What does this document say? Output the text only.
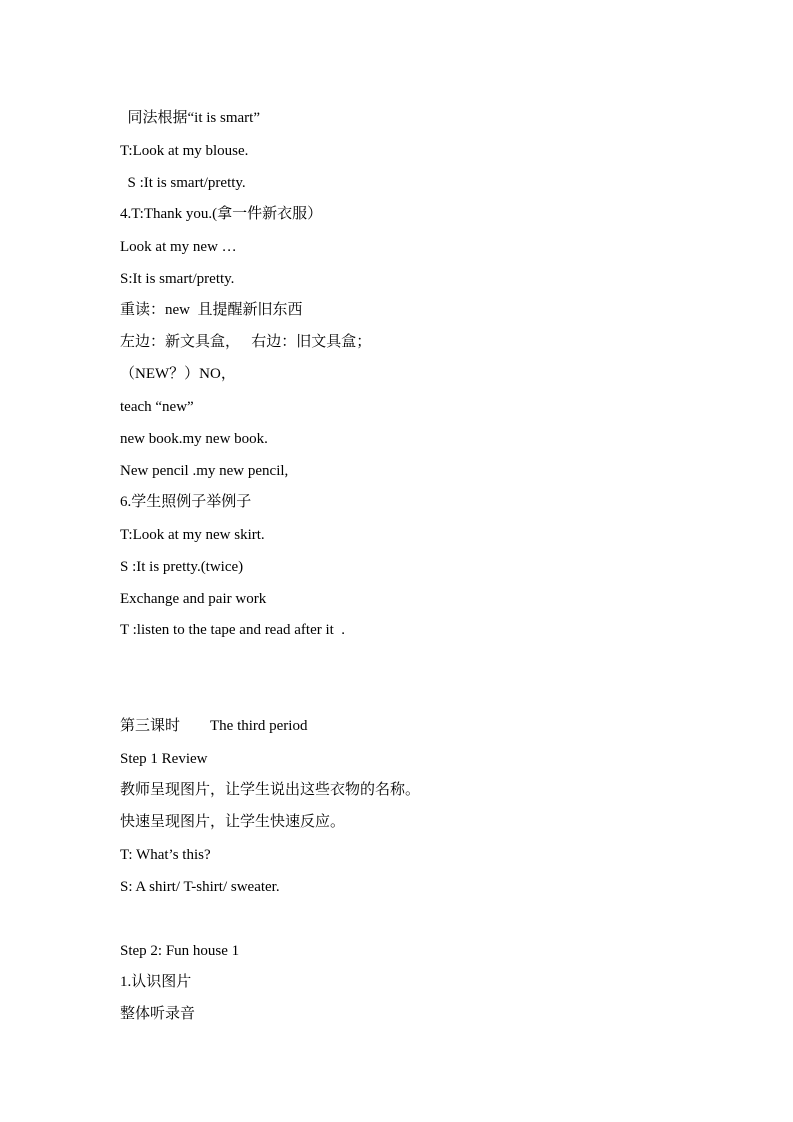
同法根据“it is smart”
T:Look at my blouse.
S :It is smart/pretty.
4.T:Thank you.(拿一件新衣服）
Look at my new …
S:It is smart/pretty.
重读：new  且提醒新旧东西
左边：新文具盒，   右边：旧文具盒；
（NEW？）NO，
teach “new”
new book.my new book.
New pencil .my new pencil,
6.学生照例子举例子
T:Look at my new skirt.
S :It is pretty.(twice)
Exchange and pair work
T :listen to the tape and read after it  .
第三课时        The third period
Step 1 Review
教师呈现图片，让学生说出这些衣物的名称。
快速呈现图片，让学生快速反应。
T: What’s this?
S: A shirt/ T-shirt/ sweater.
Step 2: Fun house 1
1.认识图片
整体听录音
